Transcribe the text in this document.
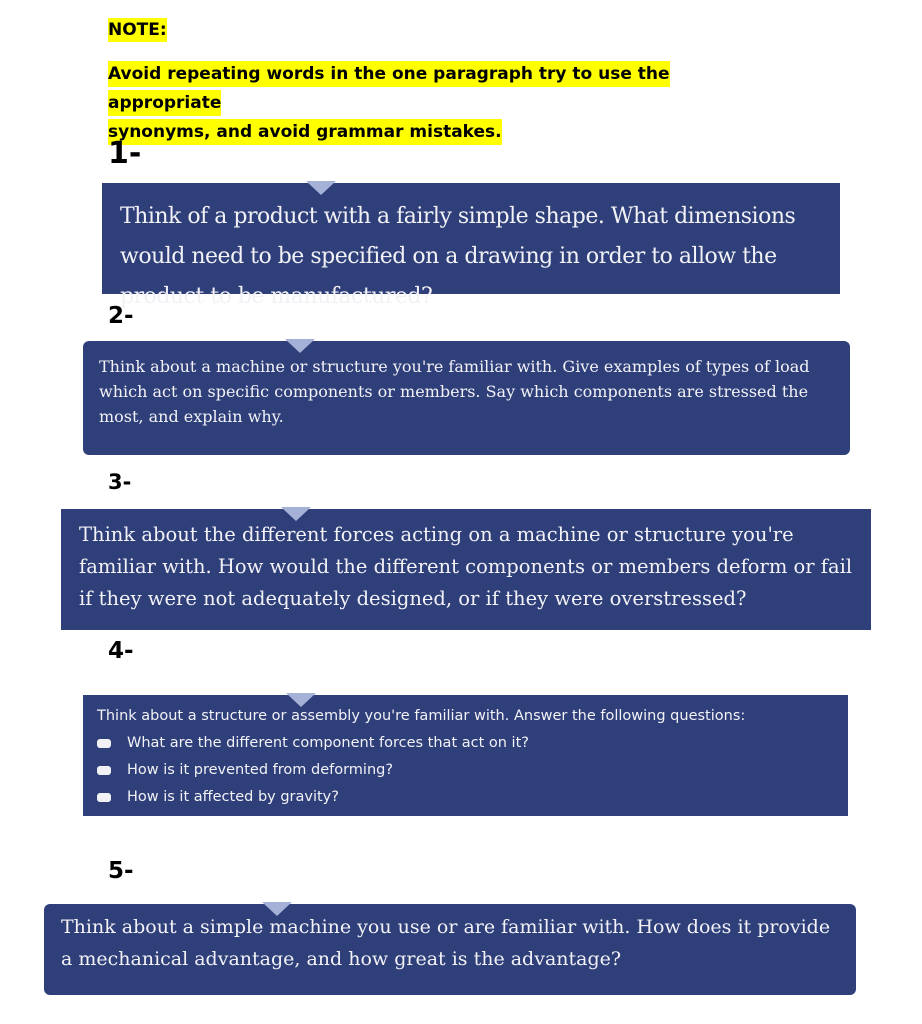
NOTE:
Avoid repeating words in the one paragraph try to use the appropriate
synonyms, and avoid grammar mistakes.
1-
Think of a product with a fairly simple shape. What dimensions would need to be specified on a drawing in order to allow the product to be manufactured?
2-
Think about a machine or structure you're familiar with. Give examples of types of load which act on specific components or members. Say which components are stressed the most, and explain why.
3-
Think about the different forces acting on a machine or structure you're familiar with. How would the different components or members deform or fail if they were not adequately designed, or if they were overstressed?
4-
Think about a structure or assembly you're familiar with. Answer the following questions:
What are the different component forces that act on it?
How is it prevented from deforming?
How is it affected by gravity?
5-
Think about a simple machine you use or are familiar with. How does it provide a mechanical advantage, and how great is the advantage?
